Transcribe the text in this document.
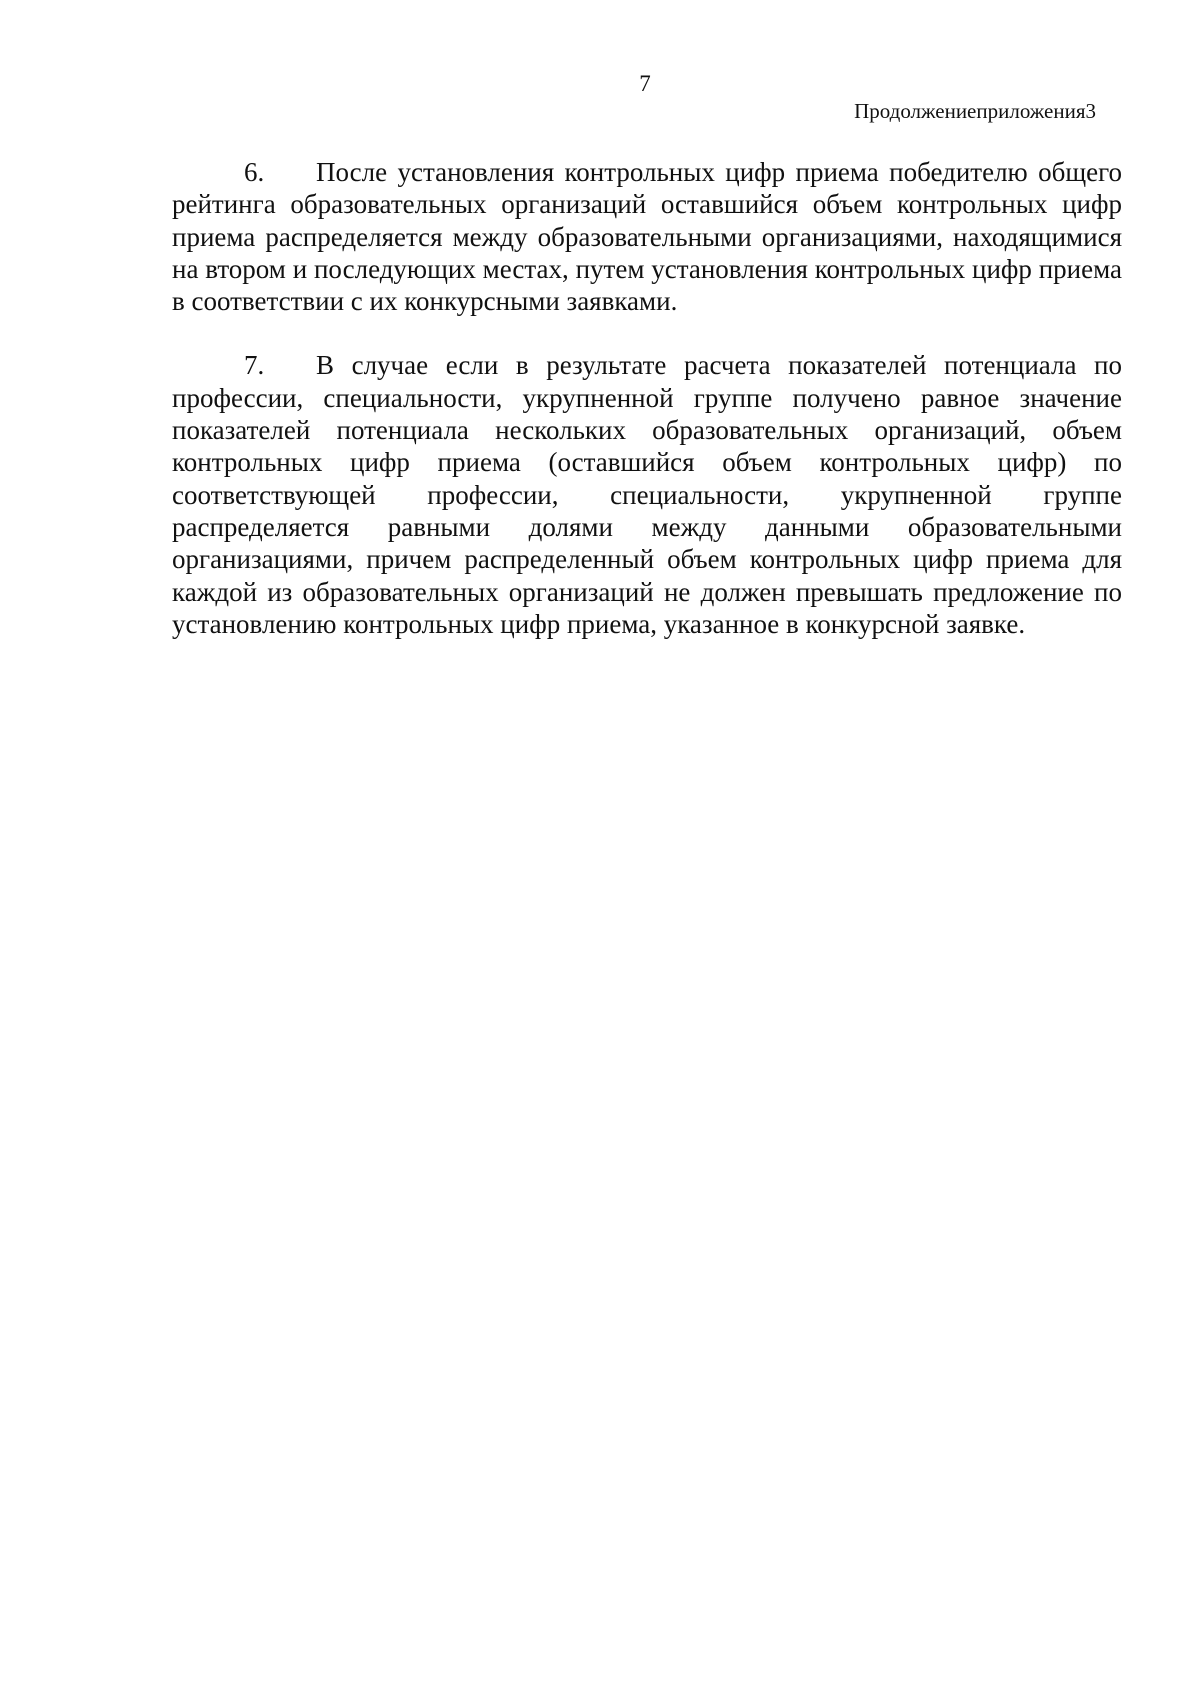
7
Продолжениеприложения3

6. После установления контрольных цифр приема победителю общего рейтинга образовательных организаций оставшийся объем контрольных цифр приема распределяется между образовательными организациями, находящимися на втором и последующих местах, путем установления контрольных цифр приема в соответствии с их конкурсными заявками.

7. В случае если в результате расчета показателей потенциала по профессии, специальности, укрупненной группе получено равное значение показателей потенциала нескольких образовательных организаций, объем контрольных цифр приема (оставшийся объем контрольных цифр) по соответствующей профессии, специальности, укрупненной группе распределяется равными долями между данными образовательными организациями, причем распределенный объем контрольных цифр приема для каждой из образовательных организаций не должен превышать предложение по установлению контрольных цифр приема, указанное в конкурсной заявке.
